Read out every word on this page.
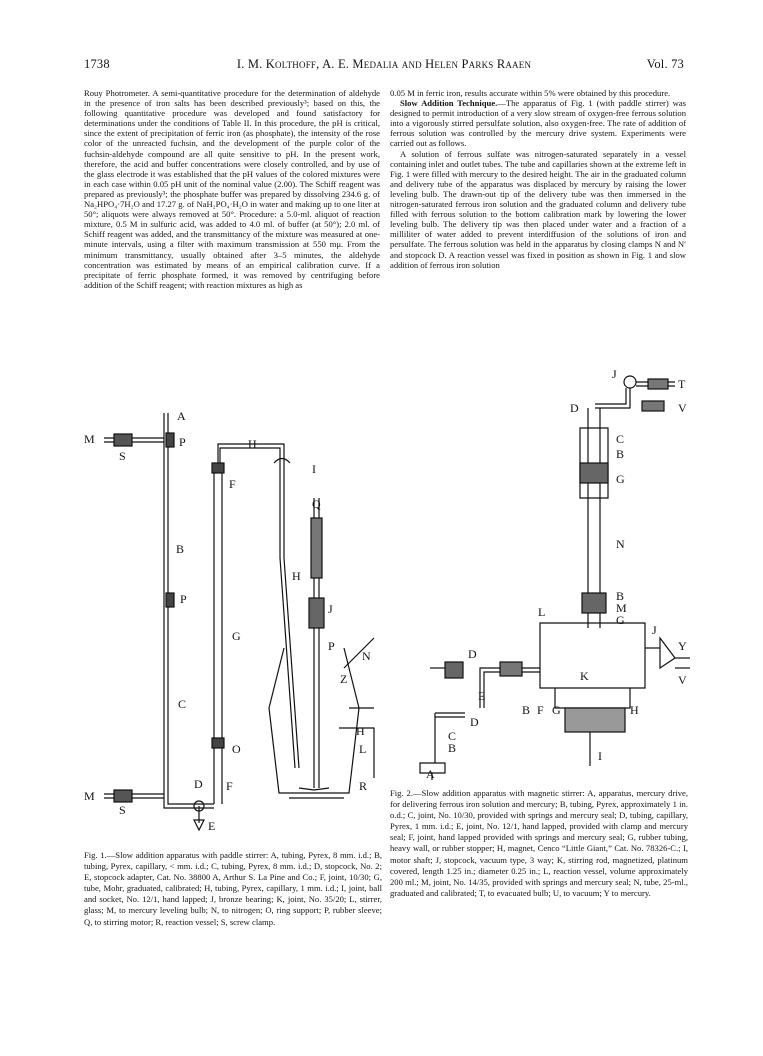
1738	I. M. Kolthoff, A. E. Medalia and Helen Parks Raaen	Vol. 73

Rouy Photrometer. A semi-quantitative procedure for the determination of aldehyde in the presence of iron salts has been described previously³; based on this, the following quantitative procedure was developed and found satisfactory for determinations under the conditions of Table II. In this procedure, the pH is critical, since the extent of precipitation of ferric iron (as phosphate), the intensity of the rose color of the unreacted fuchsin, and the development of the purple color of the fuchsin-aldehyde compound are all quite sensitive to pH. In the present work, therefore, the acid and buffer concentrations were closely controlled, and by use of the glass electrode it was established that the pH values of the colored mixtures were in each case within 0.05 pH unit of the nominal value (2.00). The Schiff reagent was prepared as previously³; the phosphate buffer was prepared by dissolving 234.6 g. of Na₂HPO₄·7H₂O and 17.27 g. of NaH₂PO₄·H₂O in water and making up to one liter at 50°; aliquots were always removed at 50°. Procedure: a 5.0-ml. aliquot of reaction mixture, 0.5 M in sulfuric acid, was added to 4.0 ml. of buffer (at 50°); 2.0 ml. of Schiff reagent was added, and the transmittancy of the mixture was measured at one-minute intervals, using a filter with maximum transmission at 550 mμ. From the minimum transmittancy, usually obtained after 3–5 minutes, the aldehyde concentration was estimated by means of an empirical calibration curve. If a precipitate of ferric phosphate formed, it was removed by centrifuging before addition of the Schiff reagent; with reaction mixtures as high as

0.05 M in ferric iron, results accurate within 5% were obtained by this procedure.

Slow Addition Technique.—The apparatus of Fig. 1 (with paddle stirrer) was designed to permit introduction of a very slow stream of oxygen-free ferrous solution into a vigorously stirred persulfate solution, also oxygen-free. The rate of addition of ferrous solution was controlled by the mercury drive system. Experiments were carried out as follows.

A solution of ferrous sulfate was nitrogen-saturated separately in a vessel containing inlet and outlet tubes. The tube and capillaries shown at the extreme left in Fig. 1 were filled with mercury to the desired height. The air in the graduated column and delivery tube of the apparatus was displaced by mercury by raising the lower leveling bulb. The drawn-out tip of the delivery tube was then immersed in the nitrogen-saturated ferrous iron solution and the graduated column and delivery tube filled with ferrous solution to the bottom calibration mark by lowering the lower leveling bulb. The delivery tip was then placed under water and a fraction of a milliliter of water added to prevent interdiffusion of the solutions of iron and persulfate. The ferrous solution was held in the apparatus by closing clamps N and N′ and stopcock D. A reaction vessel was fixed in position as shown in Fig. 1 and slow addition of ferrous iron solution

A
M
S
P	H
I
F
Q
B
P
J
H
G
P
N
Z
C
H
O	L
D F
M
S
R
E
Fig. 1.—Slow addition apparatus with paddle stirrer: A, tubing, Pyrex, 8 mm. i.d.; B, tubing, Pyrex, capillary, < mm. i.d.; C, tubing, Pyrex, 8 mm. i.d.; D, stopcock, No. 2; E, stopcock adapter, Cat. No. 38800 A, Arthur S. La Pine and Co.; F, joint, 10/30; G, tube, Mohr, graduated, calibrated; H, tubing, Pyrex, capillary, 1 mm. i.d.; I, joint, ball and socket, No. 12/1, hand lapped; J, bronze bearing; K, joint, No. 35/20; L, stirrer, glass; M, to mercury leveling bulb; N, to nitrogen; O, ring support; P, rubber sleeve; Q, to stirring motor; R, reaction vessel; S, screw clamp.
J
T
D	V
C
B
G
N
B
M
G
L
J
D
Y
K
E
V
B F G	H
D
C
B
I
A
Fig. 2.—Slow addition apparatus with magnetic stirrer: A, apparatus, mercury drive, for delivering ferrous iron solution and mercury; B, tubing, Pyrex, approximately 1 in. o.d.; C, joint, No. 10/30, provided with springs and mercury seal; D, tubing, capillary, Pyrex, 1 mm. i.d.; E, joint, No. 12/1, hand lapped, provided with clamp and mercury seal; F, joint, hand lapped provided with springs and mercury seal; G, rubber tubing, heavy wall, or rubber stopper; H, magnet, Cenco “Little Giant,” Cat. No. 78326-C.; I, motor shaft; J, stopcock, vacuum type, 3 way; K, stirring rod, magnetized, platinum covered, length 1.25 in.; diameter 0.25 in.; L, reaction vessel, volume approximately 200 ml.; M, joint, No. 14/35, provided with springs and mercury seal; N, tube, 25-ml., graduated and calibrated; T, to evacuated bulb; U, to vacuum; Y to mercury.
